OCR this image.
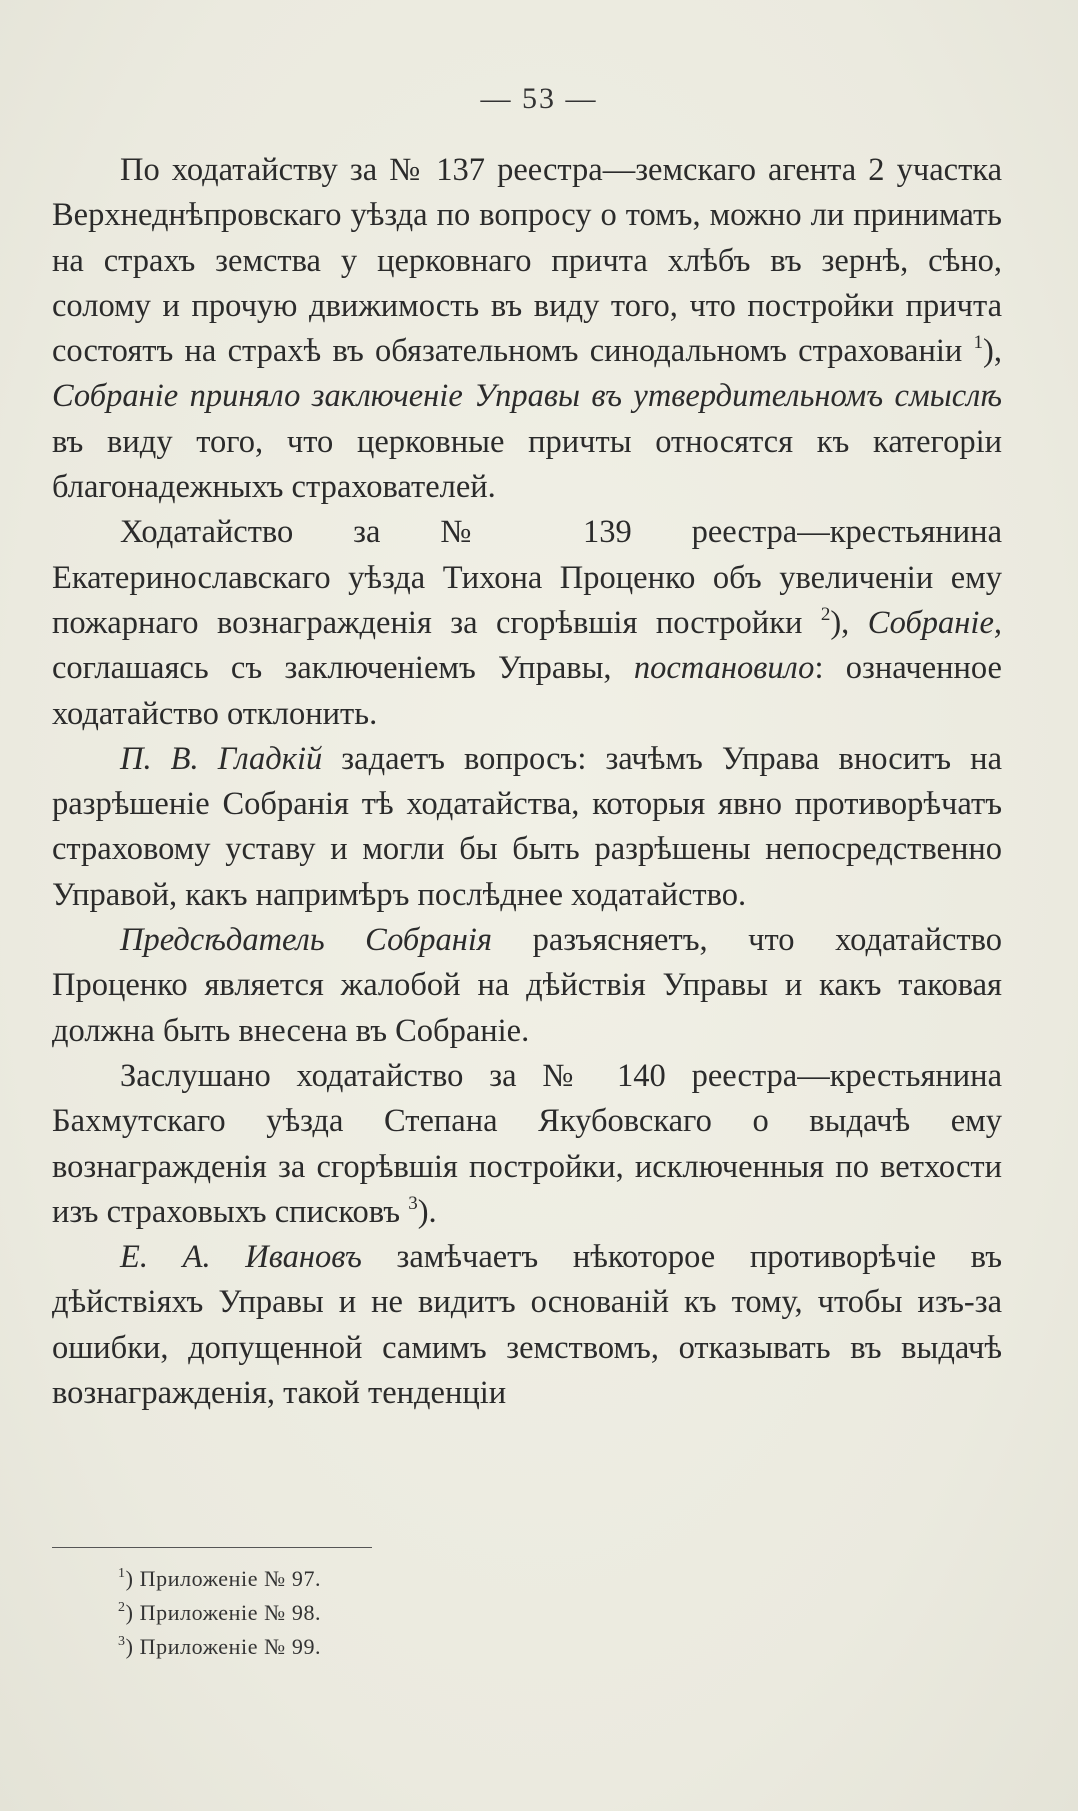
— 53 —

По ходатайству за № 137 реестра—земскаго агента 2 участка Верхнеднѣпровскаго уѣзда по вопросу о томъ, можно ли принимать на страхъ земства у церковнаго причта хлѣбъ въ зернѣ, сѣно, солому и прочую движимость въ виду того, что постройки причта состоятъ на страхѣ въ обязательномъ синодальномъ страхованіи $^1$), Собраніе приняло заключеніе Управы въ утвердительномъ смыслѣ въ виду того, что церковные причты относятся къ категоріи благонадежныхъ страхователей.

Ходатайство за № 139 реестра—крестьянина Екатеринославскаго уѣзда Тихона Проценко объ увеличеніи ему пожарнаго вознагражденія за сгорѣвшія постройки $^2$), Собраніе, соглашаясь съ заключеніемъ Управы, постановило: означенное ходатайство отклонить.

П. В. Гладкій задаетъ вопросъ: зачѣмъ Управа вноситъ на разрѣшеніе Собранія тѣ ходатайства, которыя явно противорѣчатъ страховому уставу и могли бы быть разрѣшены непосредственно Управой, какъ напримѣръ послѣднее ходатайство.

Предсѣдатель Собранія разъясняетъ, что ходатайство Проценко является жалобой на дѣйствія Управы и какъ таковая должна быть внесена въ Собраніе.

Заслушано ходатайство за № 140 реестра—крестьянина Бахмутскаго уѣзда Степана Якубовскаго о выдачѣ ему вознагражденія за сгорѣвшія постройки, исключенныя по ветхости изъ страховыхъ списковъ $^3$).

Е. А. Ивановъ замѣчаетъ нѣкоторое противорѣчіе въ дѣйствіяхъ Управы и не видитъ основаній къ тому, чтобы изъ-за ошибки, допущенной самимъ земствомъ, отказывать въ выдачѣ вознагражденія, такой тенденціи

$^1$) Приложеніе № 97.
$^2$) Приложеніе № 98.
$^3$) Приложеніе № 99.
